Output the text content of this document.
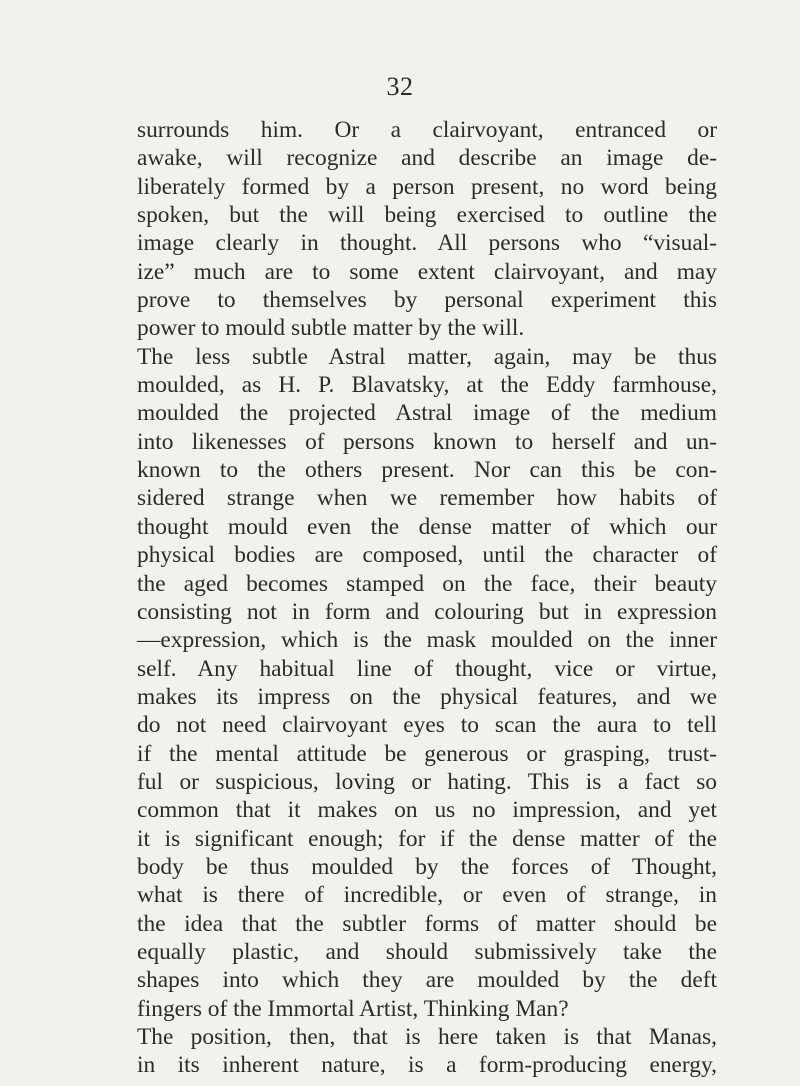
32
surrounds him. Or a clairvoyant, entranced or
awake, will recognize and describe an image de-
liberately formed by a person present, no word being
spoken, but the will being exercised to outline the
image clearly in thought. All persons who “visual-
ize” much are to some extent clairvoyant, and may
prove to themselves by personal experiment this
power to mould subtle matter by the will.
The less subtle Astral matter, again, may be thus
moulded, as H. P. Blavatsky, at the Eddy farmhouse,
moulded the projected Astral image of the medium
into likenesses of persons known to herself and un-
known to the others present. Nor can this be con-
sidered strange when we remember how habits of
thought mould even the dense matter of which our
physical bodies are composed, until the character of
the aged becomes stamped on the face, their beauty
consisting not in form and colouring but in expression
—expression, which is the mask moulded on the inner
self. Any habitual line of thought, vice or virtue,
makes its impress on the physical features, and we
do not need clairvoyant eyes to scan the aura to tell
if the mental attitude be generous or grasping, trust-
ful or suspicious, loving or hating. This is a fact so
common that it makes on us no impression, and yet
it is significant enough; for if the dense matter of the
body be thus moulded by the forces of Thought,
what is there of incredible, or even of strange, in
the idea that the subtler forms of matter should be
equally plastic, and should submissively take the
shapes into which they are moulded by the deft
fingers of the Immortal Artist, Thinking Man?
The position, then, that is here taken is that Manas,
in its inherent nature, is a form-producing energy,
